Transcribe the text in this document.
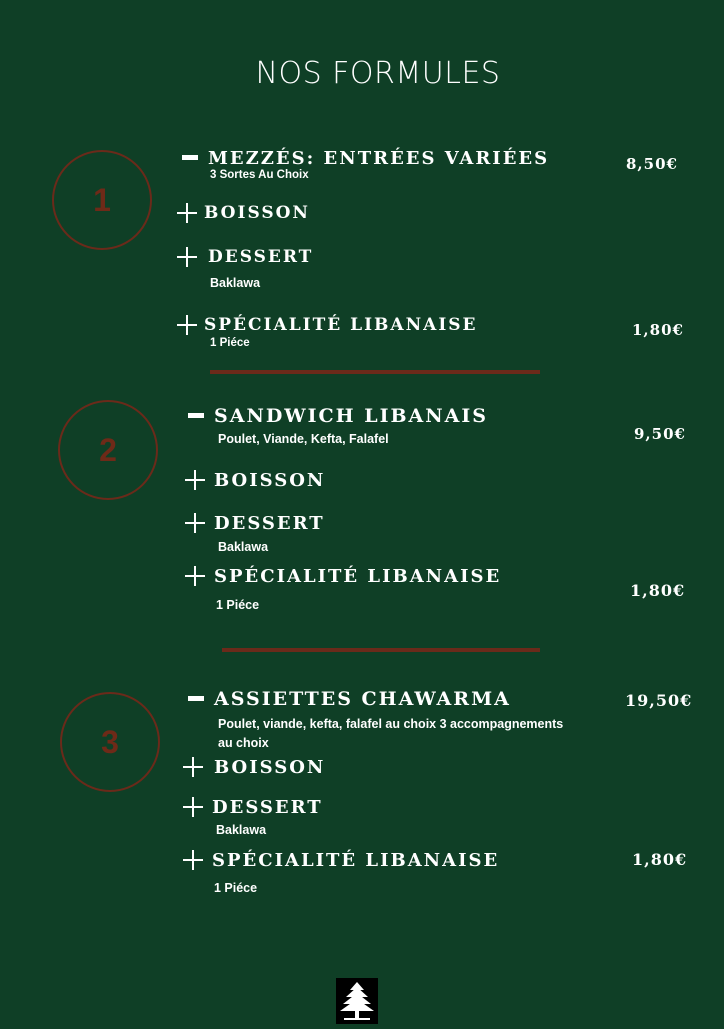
NOS FORMULES
1
MEZZÉS: ENTRÉES VARIÉES
3 Sortes Au Choix
8,50€
BOISSON
DESSERT
Baklawa
SPÉCIALITÉ LIBANAISE
1 Piéce
1,80€
2
SANDWICH LIBANAIS
Poulet, Viande, Kefta, Falafel	9,50€
BOISSON
DESSERT
Baklawa
SPÉCIALITÉ LIBANAISE
1 Piéce
1,80€
3
ASSIETTES CHAWARMA
Poulet, viande, kefta, falafel au choix 3 accompagnements
au choix
19,50€
BOISSON
DESSERT
Baklawa
SPÉCIALITÉ LIBANAISE
1 Piéce
1,80€
